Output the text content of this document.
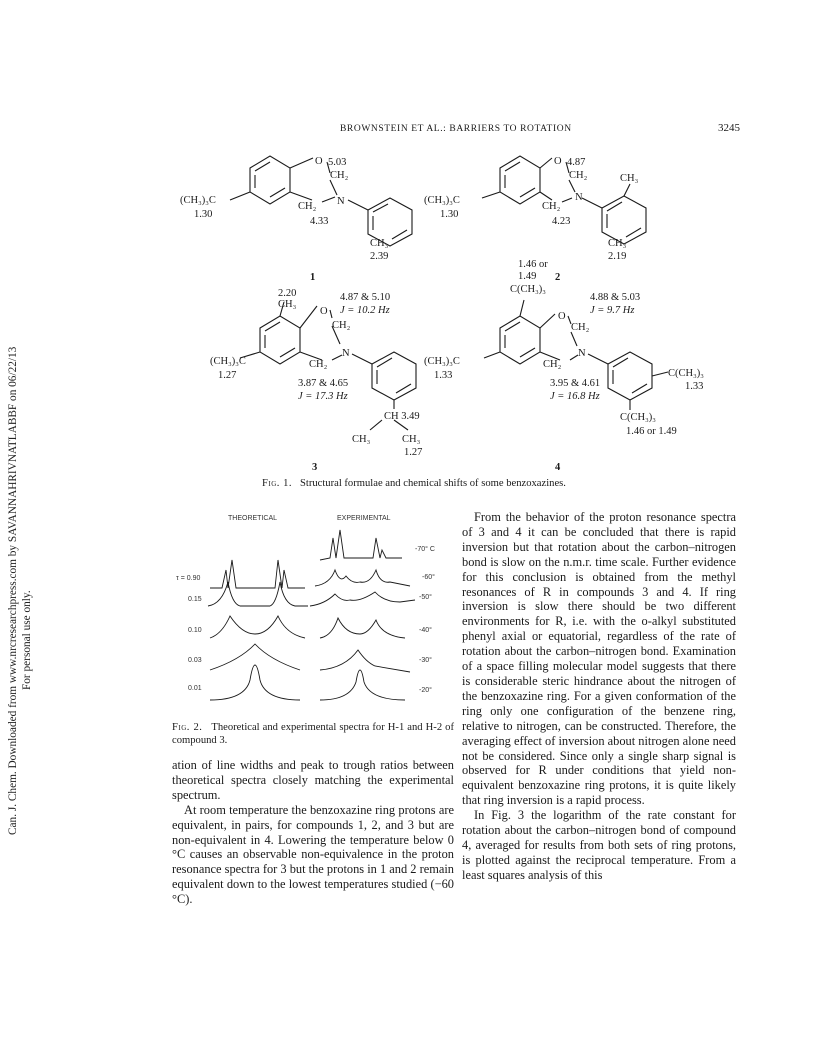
Can. J. Chem. Downloaded from www.nrcresearchpress.com by SAVANNAHRIVNATLABBF on 06/22/13 For personal use only.
BROWNSTEIN ET AL.: BARRIERS TO ROTATION	3245
O 5.03
CH₂
N
(CH₃)₃C
1.30
CH₂
4.33
CH₃
2.39
1
O 4.87
CH₂	CH₃
N
(CH₃)₃C
1.30
CH₂
4.23
CH₃
2.19
2
2.20
CH₃
4.87 & 5.10
J = 10.2 Hz
O
CH₂
N
(CH₃)₃C
1.27
CH₂
3.87 & 4.65
J = 17.3 Hz
CH 3.49
CH₃	CH₃
1.27
3
1.46 or
1.49
C(CH₃)₃
4.88 & 5.03
J = 9.7 Hz
O
CH₂
N
(CH₃)₃C
1.33
CH₂
3.95 & 4.61
J = 16.8 Hz
C(CH₃)₃
1.33
C(CH₃)₃
1.46 or 1.49
4
Fig. 1. Structural formulae and chemical shifts of some benzoxazines.
THEORETICAL	EXPERIMENTAL
τ = 0.90
0.15
0.10
0.03
0.01
-70° C
-60°
-50°
-40°
-30°
-20°
Fig. 2. Theoretical and experimental spectra for H-1 and H-2 of compound 3.

ation of line widths and peak to trough ratios between theoretical spectra closely matching the experimental spectrum.

At room temperature the benzoxazine ring protons are equivalent, in pairs, for compounds 1, 2, and 3 but are non-equivalent in 4. Lowering the temperature below 0 °C causes an observable non-equivalence in the proton resonance spectra for 3 but the protons in 1 and 2 remain equivalent down to the lowest temperatures studied (−60 °C).

From the behavior of the proton resonance spectra of 3 and 4 it can be concluded that there is rapid inversion but that rotation about the carbon–nitrogen bond is slow on the n.m.r. time scale. Further evidence for this conclusion is obtained from the methyl resonances of R in compounds 3 and 4. If ring inversion is slow there should be two different environments for R, i.e. with the o-alkyl substituted phenyl axial or equatorial, regardless of the rate of rotation about the carbon–nitrogen bond. Examination of a space filling molecular model suggests that there is considerable steric hindrance about the nitrogen of the benzoxazine ring. For a given conformation of the ring only one configuration of the benzene ring, relative to nitrogen, can be constructed. Therefore, the averaging effect of inversion about nitrogen alone need not be considered. Since only a single sharp signal is observed for R under conditions that yield non-equivalent benzoxazine ring protons, it is quite likely that ring inversion is a rapid process.

In Fig. 3 the logarithm of the rate constant for rotation about the carbon–nitrogen bond of compound 4, averaged for results from both sets of ring protons, is plotted against the reciprocal temperature. From a least squares analysis of this
